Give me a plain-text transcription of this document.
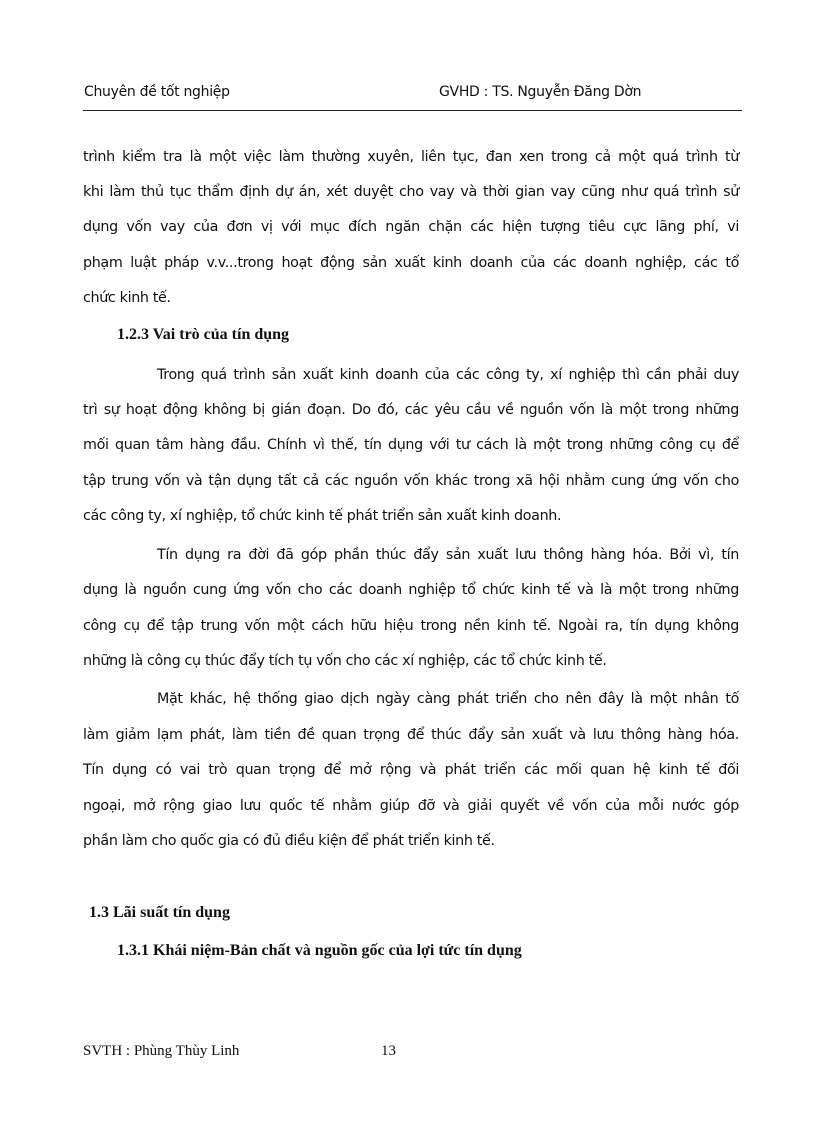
Chuyên đề tốt nghiệp	GVHD : TS. Nguyễn Đăng Dờn
trình kiểm tra là một việc làm thường xuyên, liên tục, đan xen trong cả một quá trình từ
khi làm thủ tục thẩm định dự án, xét duyệt cho vay và thời gian vay cũng như quá trình sử
dụng vốn vay của đơn vị với mục đích ngăn chặn các hiện tượng tiêu cực lãng phí, vi
phạm luật pháp v.v...trong hoạt động sản xuất kinh doanh của các doanh nghiệp, các tổ
chức kinh tế.
1.2.3 Vai trò của tín dụng
Trong quá trình sản xuất kinh doanh của các công ty, xí nghiệp thì cần phải duy
trì sự hoạt động không bị gián đoạn. Do đó, các yêu cầu về nguồn vốn là một trong những
mối quan tâm hàng đầu. Chính vì thế, tín dụng với tư cách là một trong những công cụ để
tập trung vốn và tận dụng tất cả các nguồn vốn khác trong xã hội nhằm cung ứng vốn cho
các công ty, xí nghiệp, tổ chức kinh tế phát triển sản xuất kinh doanh.
Tín dụng ra đời đã góp phần thúc đẩy sản xuất lưu thông hàng hóa. Bởi vì, tín
dụng là nguồn cung ứng vốn cho các doanh nghiệp tổ chức kinh tế và là một trong những
công cụ để tập trung vốn một cách hữu hiệu trong nền kinh tế. Ngoài ra, tín dụng không
những là công cụ thúc đẩy tích tụ vốn cho các xí nghiệp, các tổ chức kinh tế.
Mặt khác, hệ thống giao dịch ngày càng phát triển cho nên đây là một nhân tố
làm giảm lạm phát, làm tiền đề quan trọng để thúc đẩy sản xuất và lưu thông hàng hóa.
Tín dụng có vai trò quan trọng để mở rộng và phát triển các mối quan hệ kinh tế đối
ngoại, mở rộng giao lưu quốc tế nhằm giúp đỡ và giải quyết về vốn của mỗi nước góp
phần làm cho quốc gia có đủ điều kiện để phát triển kinh tế.
1.3 Lãi suất tín dụng
1.3.1 Khái niệm-Bản chất và nguồn gốc của lợi tức tín dụng
SVTH : Phùng Thùy Linh	13
